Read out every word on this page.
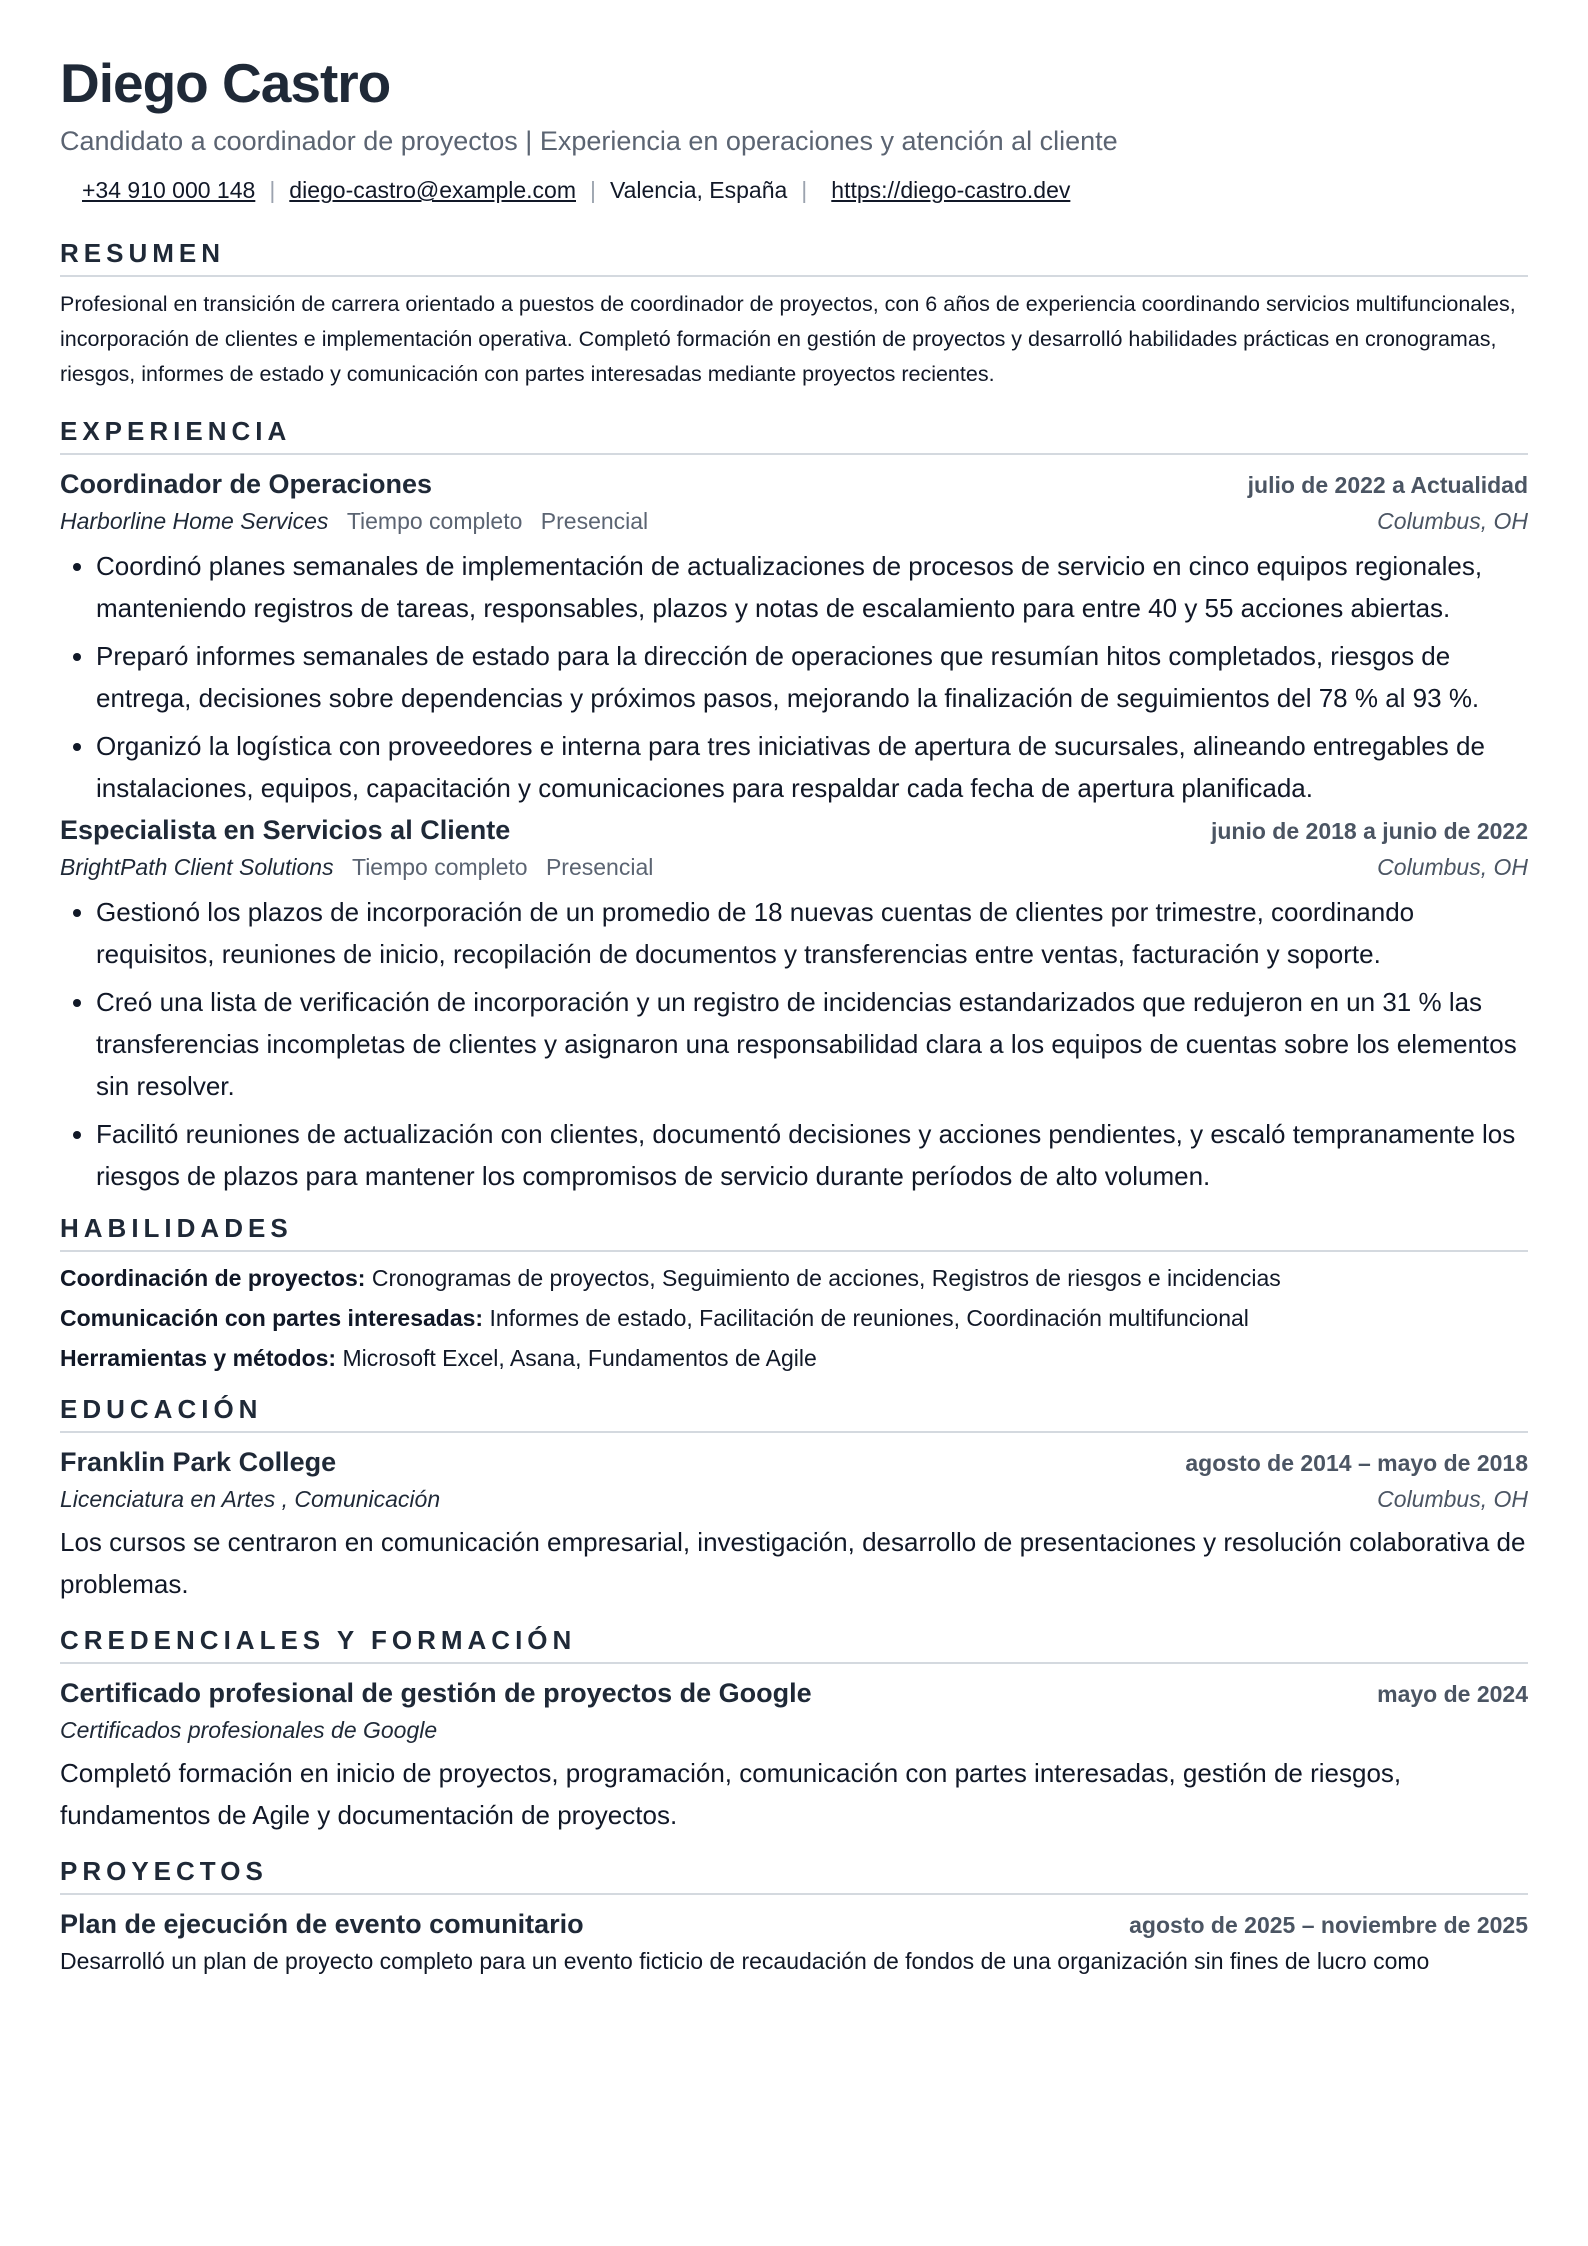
Diego Castro
Candidato a coordinador de proyectos | Experiencia en operaciones y atención al cliente
+34 910 000 148 | diego-castro@example.com | Valencia, España | https://diego-castro.dev
RESUMEN
Profesional en transición de carrera orientado a puestos de coordinador de proyectos, con 6 años de experiencia coordinando servicios multifuncionales, incorporación de clientes e implementación operativa. Completó formación en gestión de proyectos y desarrolló habilidades prácticas en cronogramas, riesgos, informes de estado y comunicación con partes interesadas mediante proyectos recientes.
EXPERIENCIA
Coordinador de Operaciones	julio de 2022 a Actualidad
Harborline Home Services Tiempo completo Presencial	Columbus, OH
• Coordinó planes semanales de implementación de actualizaciones de procesos de servicio en cinco equipos regionales, manteniendo registros de tareas, responsables, plazos y notas de escalamiento para entre 40 y 55 acciones abiertas.
• Preparó informes semanales de estado para la dirección de operaciones que resumían hitos completados, riesgos de entrega, decisiones sobre dependencias y próximos pasos, mejorando la finalización de seguimientos del 78 % al 93 %.
• Organizó la logística con proveedores e interna para tres iniciativas de apertura de sucursales, alineando entregables de instalaciones, equipos, capacitación y comunicaciones para respaldar cada fecha de apertura planificada.
Especialista en Servicios al Cliente	junio de 2018 a junio de 2022
BrightPath Client Solutions Tiempo completo Presencial	Columbus, OH
• Gestionó los plazos de incorporación de un promedio de 18 nuevas cuentas de clientes por trimestre, coordinando requisitos, reuniones de inicio, recopilación de documentos y transferencias entre ventas, facturación y soporte.
• Creó una lista de verificación de incorporación y un registro de incidencias estandarizados que redujeron en un 31 % las transferencias incompletas de clientes y asignaron una responsabilidad clara a los equipos de cuentas sobre los elementos sin resolver.
• Facilitó reuniones de actualización con clientes, documentó decisiones y acciones pendientes, y escaló tempranamente los riesgos de plazos para mantener los compromisos de servicio durante períodos de alto volumen.
HABILIDADES
Coordinación de proyectos: Cronogramas de proyectos, Seguimiento de acciones, Registros de riesgos e incidencias
Comunicación con partes interesadas: Informes de estado, Facilitación de reuniones, Coordinación multifuncional
Herramientas y métodos: Microsoft Excel, Asana, Fundamentos de Agile
EDUCACIÓN
Franklin Park College	agosto de 2014 – mayo de 2018
Licenciatura en Artes , Comunicación	Columbus, OH
Los cursos se centraron en comunicación empresarial, investigación, desarrollo de presentaciones y resolución colaborativa de problemas.
CREDENCIALES Y FORMACIÓN
Certificado profesional de gestión de proyectos de Google	mayo de 2024
Certificados profesionales de Google
Completó formación en inicio de proyectos, programación, comunicación con partes interesadas, gestión de riesgos, fundamentos de Agile y documentación de proyectos.
PROYECTOS
Plan de ejecución de evento comunitario	agosto de 2025 – noviembre de 2025
Desarrolló un plan de proyecto completo para un evento ficticio de recaudación de fondos de una organización sin fines de lucro como
